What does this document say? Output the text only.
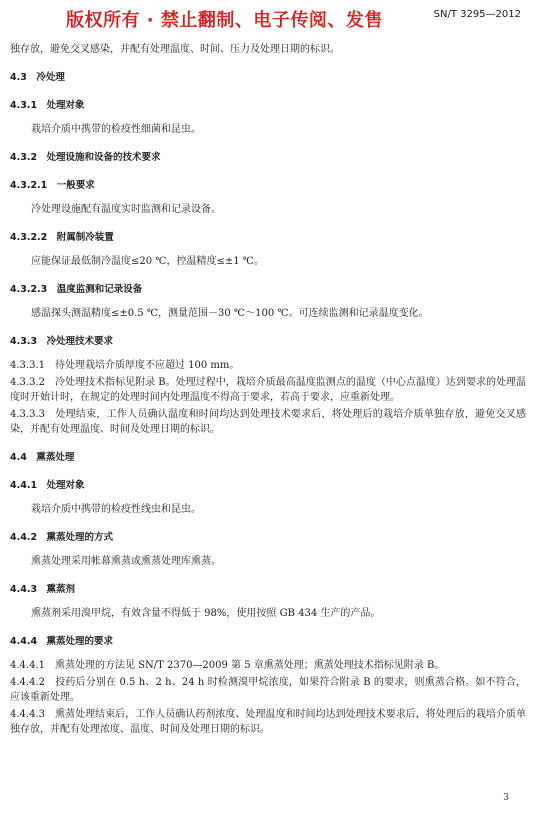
版权所有 · 禁止翻制、电子传阅、发售	SN/T 3295—2012

独存放，避免交叉感染，并配有处理温度、时间、压力及处理日期的标识。

4.3　冷处理

4.3.1　处理对象

栽培介质中携带的检疫性细菌和昆虫。

4.3.2　处理设施和设备的技术要求

4.3.2.1　一般要求

冷处理设施配有温度实时监测和记录设备。

4.3.2.2　附属制冷装置

应能保证最低制冷温度≤20 ℃，控温精度≤±1 ℃。

4.3.2.3　温度监测和记录设备

感温探头测温精度≤±0.5 ℃，测量范围－30 ℃～100 ℃。可连续监测和记录温度变化。

4.3.3　冷处理技术要求

4.3.3.1　待处理栽培介质厚度不应超过 100 mm。

4.3.3.2　冷处理技术指标见附录 B。处理过程中，栽培介质最高温度监测点的温度（中心点温度）达到要求的处理温度时开始计时，在规定的处理时间内处理温度不得高于要求，若高于要求，应重新处理。

4.3.3.3　处理结束，工作人员确认温度和时间均达到处理技术要求后，将处理后的栽培介质单独存放，避免交叉感染，并配有处理温度、时间及处理日期的标识。

4.4　熏蒸处理

4.4.1　处理对象

栽培介质中携带的检疫性线虫和昆虫。

4.4.2　熏蒸处理的方式

熏蒸处理采用帐幕熏蒸或熏蒸处理库熏蒸。

4.4.3　熏蒸剂

熏蒸剂采用溴甲烷，有效含量不得低于 98%，使用按照 GB 434 生产的产品。

4.4.4　熏蒸处理的要求

4.4.4.1　熏蒸处理的方法见 SN/T 2370—2009 第 5 章熏蒸处理；熏蒸处理技术指标见附录 B。

4.4.4.2　投药后分别在 0.5 h、2 h、24 h 时检测溴甲烷浓度，如果符合附录 B 的要求，则熏蒸合格。如不符合，应该重新处理。

4.4.4.3　熏蒸处理结束后，工作人员确认药剂浓度、处理温度和时间均达到处理技术要求后，将处理后的栽培介质单独存放，并配有处理浓度、温度、时间及处理日期的标识。

3
